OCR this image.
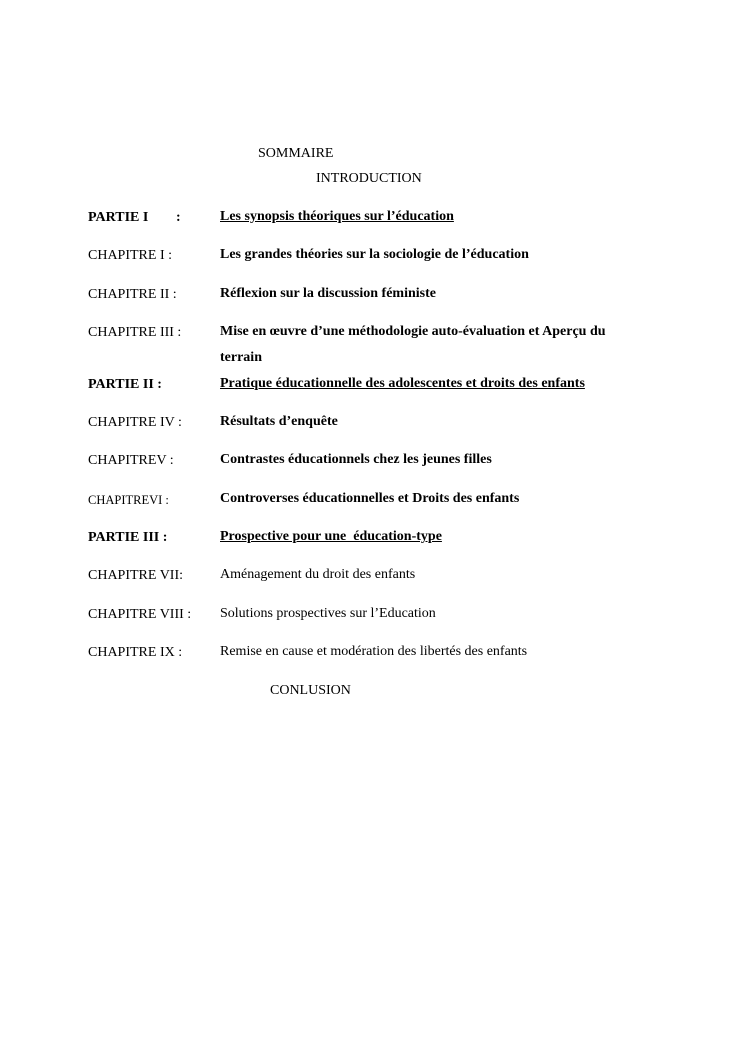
SOMMAIRE
INTRODUCTION
PARTIE I :	Les synopsis théoriques sur l’éducation
CHAPITRE I :	Les grandes théories sur la sociologie de l’éducation
CHAPITRE II :	Réflexion sur la discussion féministe
CHAPITRE III :	Mise en œuvre d’une méthodologie auto-évaluation et Aperçu du terrain
PARTIE II :	Pratique éducationnelle des adolescentes et droits des enfants
CHAPITRE IV :	Résultats d’enquête
CHAPITREV :	Contrastes éducationnels chez les jeunes filles
CHAPITREVI :	Controverses éducationnelles et Droits des enfants
PARTIE III :	Prospective pour une  éducation-type
CHAPITRE VII:	Aménagement du droit des enfants
CHAPITRE VIII : Solutions prospectives sur l’Education
CHAPITRE IX :	Remise en cause et modération des libertés des enfants
CONLUSION
